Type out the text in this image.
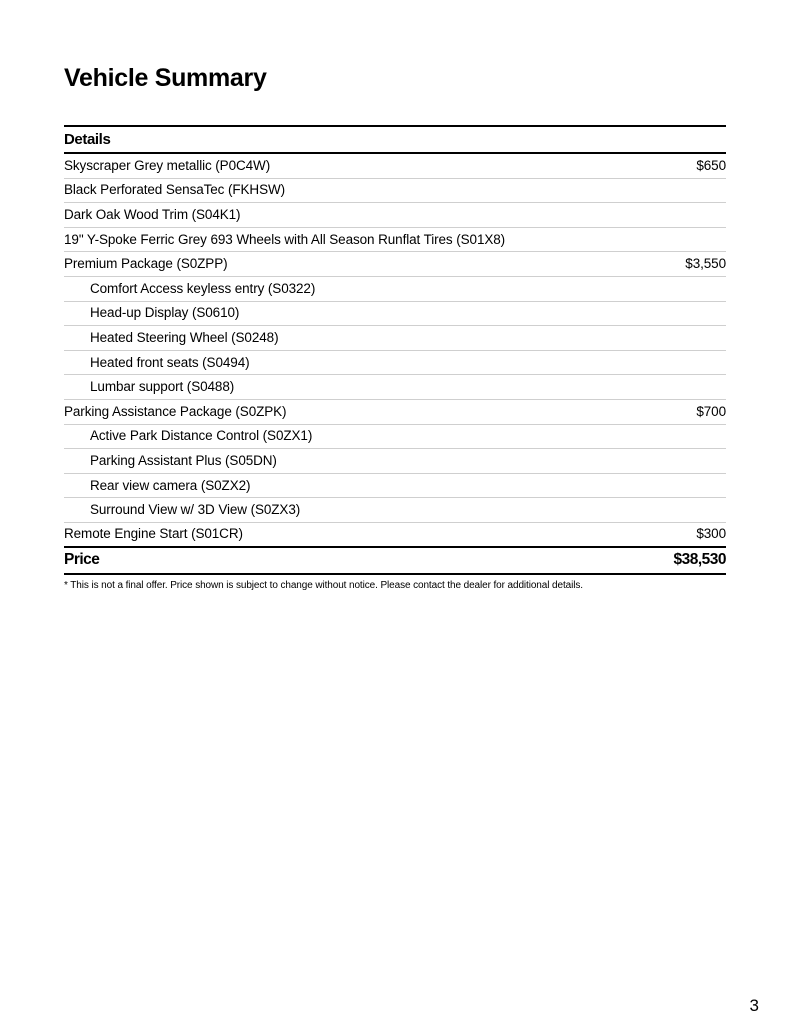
Vehicle Summary
Details
Skyscraper Grey metallic (P0C4W)	$650
Black Perforated SensaTec (FKHSW)
Dark Oak Wood Trim (S04K1)
19" Y-Spoke Ferric Grey 693 Wheels with All Season Runflat Tires (S01X8)
Premium Package (S0ZPP)	$3,550
Comfort Access keyless entry (S0322)
Head-up Display (S0610)
Heated Steering Wheel (S0248)
Heated front seats (S0494)
Lumbar support (S0488)
Parking Assistance Package (S0ZPK)	$700
Active Park Distance Control (S0ZX1)
Parking Assistant Plus (S05DN)
Rear view camera (S0ZX2)
Surround View w/ 3D View (S0ZX3)
Remote Engine Start (S01CR)	$300
Price	$38,530

* This is not a final offer. Price shown is subject to change without notice. Please contact the dealer for additional details.

3
